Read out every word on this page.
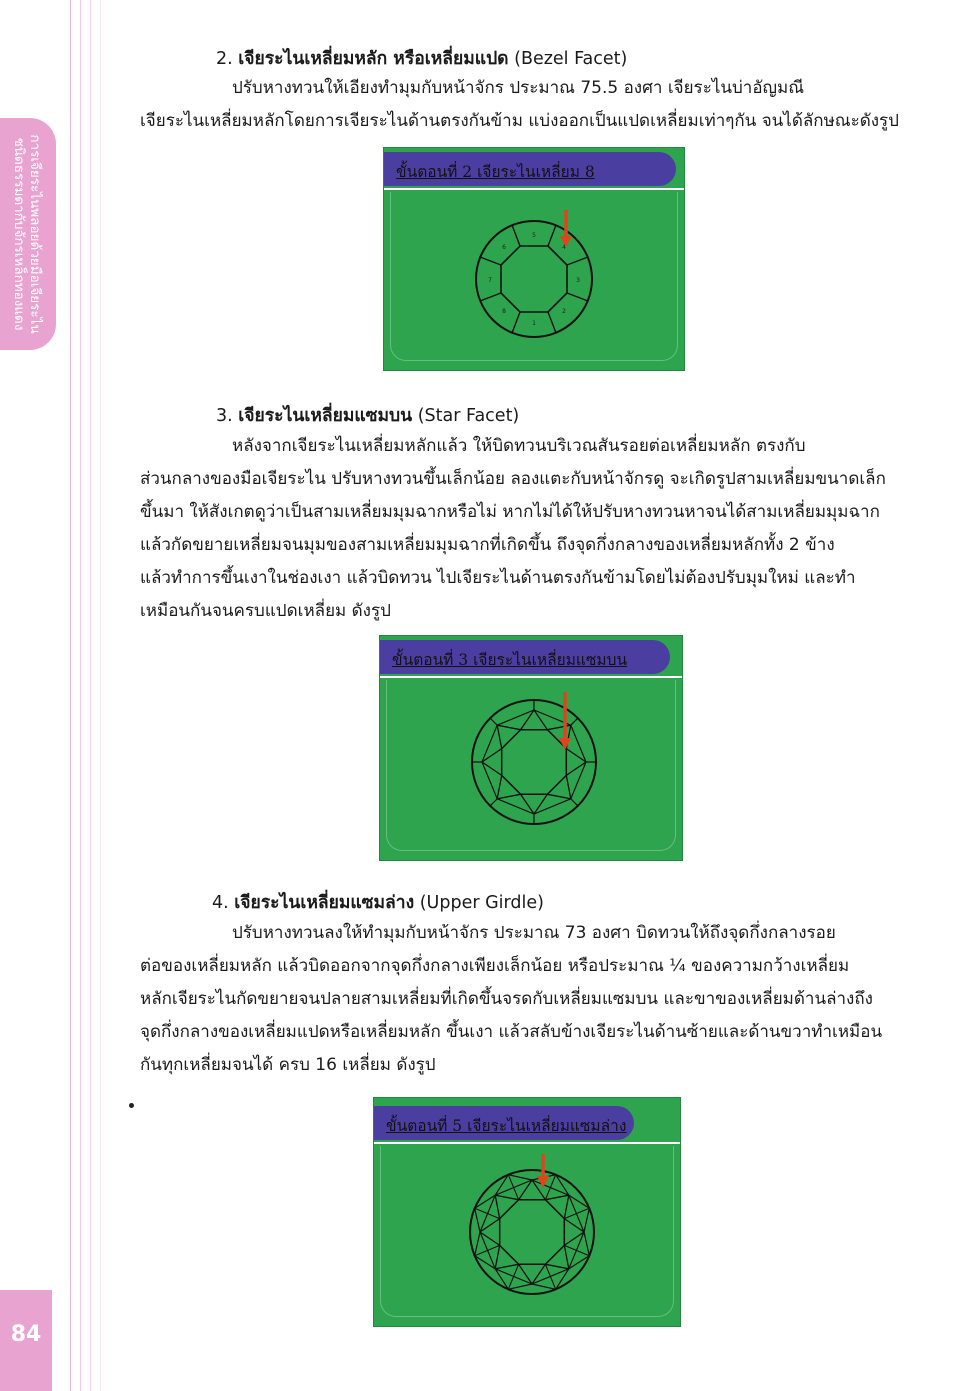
การเจียระไนพลอยด้วยมือเจียระไน
ชนิดธรรมดากับจักรเหล็กทองแดง
84
2. เจียระไนเหลี่ยมหลัก หรือเหลี่ยมแปด (Bezel Facet)
ปรับหางทวนให้เอียงทำมุมกับหน้าจักร ประมาณ 75.5 องศา เจียระไนบ่าอัญมณี
เจียระไนเหลี่ยมหลักโดยการเจียระไนด้านตรงกันข้าม แบ่งออกเป็นแปดเหลี่ยมเท่าๆกัน จนได้ลักษณะดังรูป
ขั้นตอนที่ 2 เจียระไนเหลี่ยม 8
5
4
3
2
6
7
8
1
3. เจียระไนเหลี่ยมแซมบน (Star Facet)
หลังจากเจียระไนเหลี่ยมหลักแล้ว ให้บิดทวนบริเวณสันรอยต่อเหลี่ยมหลัก ตรงกับ
ส่วนกลางของมือเจียระไน ปรับหางทวนขึ้นเล็กน้อย ลองแตะกับหน้าจักรดู จะเกิดรูปสามเหลี่ยมขนาดเล็ก
ขึ้นมา ให้สังเกตดูว่าเป็นสามเหลี่ยมมุมฉากหรือไม่ หากไม่ได้ให้ปรับหางทวนหาจนได้สามเหลี่ยมมุมฉาก
แล้วกัดขยายเหลี่ยมจนมุมของสามเหลี่ยมมุมฉากที่เกิดขึ้น ถึงจุดกึ่งกลางของเหลี่ยมหลักทั้ง 2 ข้าง
แล้วทำการขึ้นเงาในช่องเงา แล้วบิดทวน ไปเจียระไนด้านตรงกันข้ามโดยไม่ต้องปรับมุมใหม่ และทำ
เหมือนกันจนครบแปดเหลี่ยม ดังรูป
ขั้นตอนที่ 3 เจียระไนเหลี่ยมแซมบน
4. เจียระไนเหลี่ยมแซมล่าง (Upper Girdle)
ปรับหางทวนลงให้ทำมุมกับหน้าจักร ประมาณ 73 องศา บิดทวนให้ถึงจุดกึ่งกลางรอย
ต่อของเหลี่ยมหลัก แล้วบิดออกจากจุดกึ่งกลางเพียงเล็กน้อย หรือประมาณ ¼ ของความกว้างเหลี่ยม
หลักเจียระไนกัดขยายจนปลายสามเหลี่ยมที่เกิดขึ้นจรดกับเหลี่ยมแซมบน และขาของเหลี่ยมด้านล่างถึง
จุดกึ่งกลางของเหลี่ยมแปดหรือเหลี่ยมหลัก ขึ้นเงา แล้วสลับข้างเจียระไนด้านซ้ายและด้านขวาทำเหมือน
กันทุกเหลี่ยมจนได้ ครบ 16 เหลี่ยม ดังรูป
ขั้นตอนที่ 5 เจียระไนเหลี่ยมแซมล่าง
